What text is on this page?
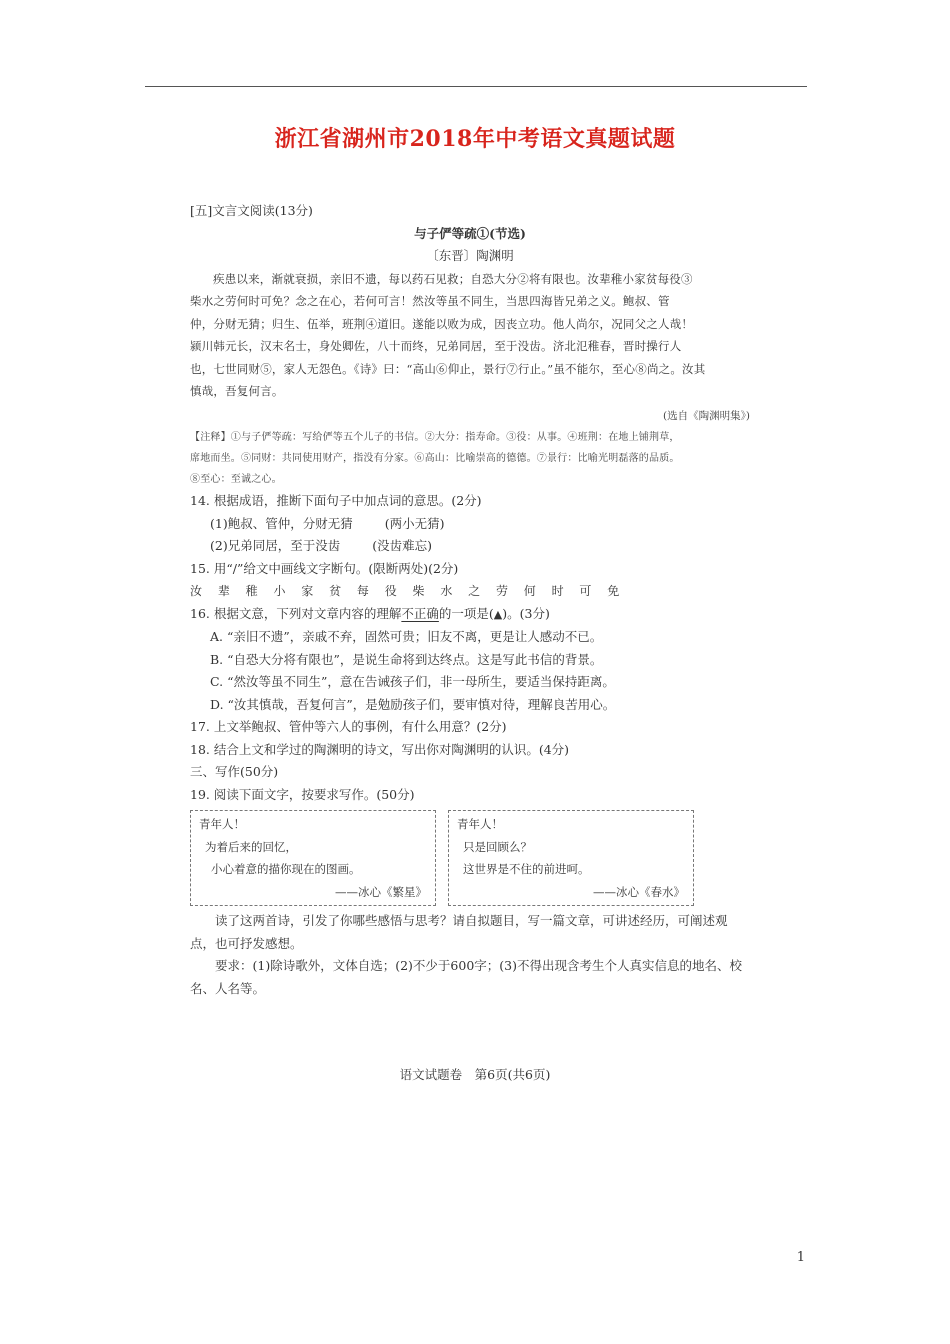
浙江省湖州市2018年中考语文真题试题
[五]文言文阅读(13分)
与子俨等疏①(节选)
〔东晋〕陶渊明
疾患以来，渐就衰损，亲旧不遗，每以药石见救；自恐大分②将有限也。汝辈稚小家贫每役③
柴水之劳何时可免？念之在心，若何可言！然汝等虽不同生，当思四海皆兄弟之义。鲍叔、管
仲，分财无猜；归生、伍举，班荆④道旧。遂能以败为成，因丧立功。他人尚尔，况同父之人哉！
颍川韩元长，汉末名士，身处卿佐，八十而终，兄弟同居，至于没齿。济北氾稚春，晋时操行人
也，七世同财⑤，家人无怨色。《诗》曰：“高山⑥仰止，景行⑦行止。”虽不能尔，至心⑧尚之。汝其
慎哉，吾复何言。
(选自《陶渊明集》)
【注释】①与子俨等疏：写给俨等五个儿子的书信。②大分：指寿命。③役：从事。④班荆：在地上铺荆草，
席地而坐。⑤同财：共同使用财产，指没有分家。⑥高山：比喻崇高的德德。⑦景行：比喻光明磊落的品质。
⑧至心：至诚之心。
14. 根据成语，推断下面句子中加点词的意思。(2分)
(1)鲍叔、管仲，分财无猜	(两小无猜)
(2)兄弟同居，至于没齿	(没齿难忘)
15. 用“/”给文中画线文字断句。(限断两处)(2分)
汝 辈 稚 小 家 贫 每 役 柴 水 之 劳 何 时 可 免
16. 根据文意，下列对文章内容的理解不正确的一项是(▲)。(3分)
A. “亲旧不遗”，亲戚不弃，固然可贵；旧友不离，更是让人感动不已。
B. “自恐大分将有限也”，是说生命将到达终点。这是写此书信的背景。
C. “然汝等虽不同生”，意在告诫孩子们，非一母所生，要适当保持距离。
D. “汝其慎哉，吾复何言”，是勉励孩子们，要审慎对待，理解良苦用心。
17. 上文举鲍叔、管仲等六人的事例，有什么用意？(2分)
18. 结合上文和学过的陶渊明的诗文，写出你对陶渊明的认识。(4分)
三、写作(50分)
19. 阅读下面文字，按要求写作。(50分)
青年人！
为着后来的回忆，
小心着意的描你现在的图画。
——冰心《繁星》
青年人！
只是回顾么？
这世界是不住的前进呵。
——冰心《春水》
读了这两首诗，引发了你哪些感悟与思考？请自拟题目，写一篇文章，可讲述经历，可阐述观点，也可抒发感想。
要求：(1)除诗歌外，文体自选；(2)不少于600字；(3)不得出现含考生个人真实信息的地名、校名、人名等。
语文试题卷　第6页(共6页)
1
